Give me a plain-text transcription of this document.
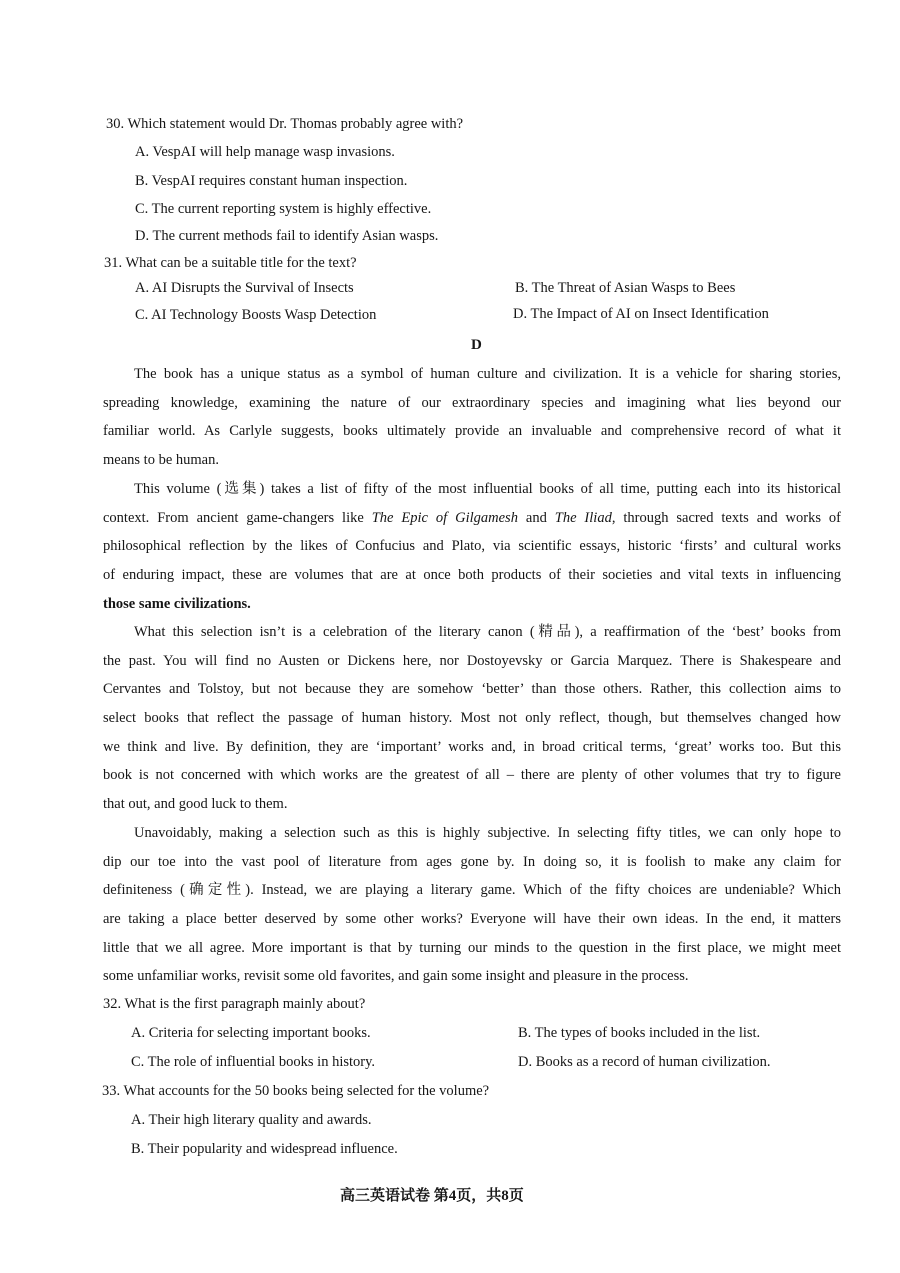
30. Which statement would Dr. Thomas probably agree with?
A. VespAI will help manage wasp invasions.
B. VespAI requires constant human inspection.
C. The current reporting system is highly effective.
D. The current methods fail to identify Asian wasps.
31. What can be a suitable title for the text?
A. AI Disrupts the Survival of Insects	B. The Threat of Asian Wasps to Bees
C. AI Technology Boosts Wasp Detection	D. The Impact of AI on Insect Identification
D
The book has a unique status as a symbol of human culture and civilization. It is a vehicle for sharing stories,
spreading knowledge, examining the nature of our extraordinary species and imagining what lies beyond our
familiar world. As Carlyle suggests, books ultimately provide an invaluable and comprehensive record of what it
means to be human.
This volume (选集) takes a list of fifty of the most influential books of all time, putting each into its historical
context. From ancient game-changers like The Epic of Gilgamesh and The Iliad, through sacred texts and works of
philosophical reflection by the likes of Confucius and Plato, via scientific essays, historic ‘firsts’ and cultural works
of enduring impact, these are volumes that are at once both products of their societies and vital texts in influencing
those same civilizations.
What this selection isn’t is a celebration of the literary canon (精品), a reaffirmation of the ‘best’ books from
the past. You will find no Austen or Dickens here, nor Dostoyevsky or Garcia Marquez. There is Shakespeare and
Cervantes and Tolstoy, but not because they are somehow ‘better’ than those others. Rather, this collection aims to
select books that reflect the passage of human history. Most not only reflect, though, but themselves changed how
we think and live. By definition, they are ‘important’ works and, in broad critical terms, ‘great’ works too. But this
book is not concerned with which works are the greatest of all – there are plenty of other volumes that try to figure
that out, and good luck to them.
Unavoidably, making a selection such as this is highly subjective. In selecting fifty titles, we can only hope to
dip our toe into the vast pool of literature from ages gone by. In doing so, it is foolish to make any claim for
definiteness (确定性). Instead, we are playing a literary game. Which of the fifty choices are undeniable? Which
are taking a place better deserved by some other works? Everyone will have their own ideas. In the end, it matters
little that we all agree. More important is that by turning our minds to the question in the first place, we might meet
some unfamiliar works, revisit some old favorites, and gain some insight and pleasure in the process.
32. What is the first paragraph mainly about?
A. Criteria for selecting important books.	B. The types of books included in the list.
C. The role of influential books in history.	D. Books as a record of human civilization.
33. What accounts for the 50 books being selected for the volume?
A. Their high literary quality and awards.
B. Their popularity and widespread influence.
高三英语试卷 第4页，共8页
